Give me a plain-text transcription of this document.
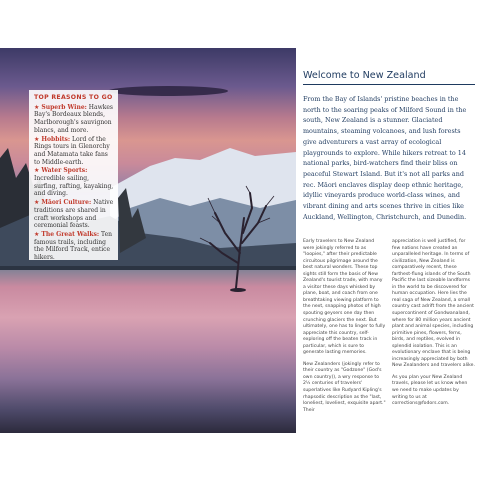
TOP REASONS TO GO
★ Superb Wine: Hawkes Bay's Bordeaux blends, Marlborough's sauvignon blancs, and more.
★ Hobbits: Lord of the Rings tours in Glenorchy and Matamata take fans to Middle-earth.
★ Water Sports: Incredible sailing, surfing, rafting, kayaking, and diving.
★ Māori Culture: Native traditions are shared in craft workshops and ceremonial feasts.
★ The Great Walks: Ten famous trails, including the Milford Track, entice hikers.
Welcome to New Zealand
From the Bay of Islands' pristine beaches in the north to the soaring peaks of Milford Sound in the south, New Zealand is a stunner. Glaciated mountains, steaming volcanoes, and lush forests give adventurers a vast array of ecological playgrounds to explore. While hikers retreat to 14 national parks, bird-watchers find their bliss on peaceful Stewart Island. But it's not all parks and rec. Māori enclaves display deep ethnic heritage, idyllic vineyards produce world-class wines, and vibrant dining and arts scenes thrive in cities like Auckland, Wellington, Christchurch, and Dunedin.

Early travelers to New Zealand were jokingly referred to as "loopies," after their predictable circuitous pilgrimage around the best natural wonders. These top sights still form the basis of New Zealand's tourist trade, with many a visitor these days whisked by plane, boat, and coach from one breathtaking viewing platform to the next, snapping photos of high spouting geysers one day then crunching glaciers the next. But ultimately, one has to linger to fully appreciate this country, self-exploring off the beaten track in particular, which is sure to generate lasting memories.

New Zealanders (jokingly refer to their country as "Godzone" (God's own country)), a wry response to 2½ centuries of travelers' superlatives like Rudyard Kipling's rhapsodic description as the "last, loneliest, loveliest, exquisite apart." Their

appreciation is well justified, for few nations have created an unparalleled heritage. In terms of civilization, New Zealand is comparatively recent, these farthest-flung islands of the South Pacific the last sizeable landforms in the world to be discovered for human occupation. Here lies the real saga of New Zealand, a small country cast adrift from the ancient supercontinent of Gondwanaland, where for 80 million years ancient plant and animal species, including primitive pines, flowers, ferns, birds, and reptiles, evolved in splendid isolation. This is an evolutionary enclave that is being increasingly appreciated by both New Zealanders and travelers alike.

As you plan your New Zealand travels, please let us know when we need to make updates by writing to us at corrections@fodors.com.
